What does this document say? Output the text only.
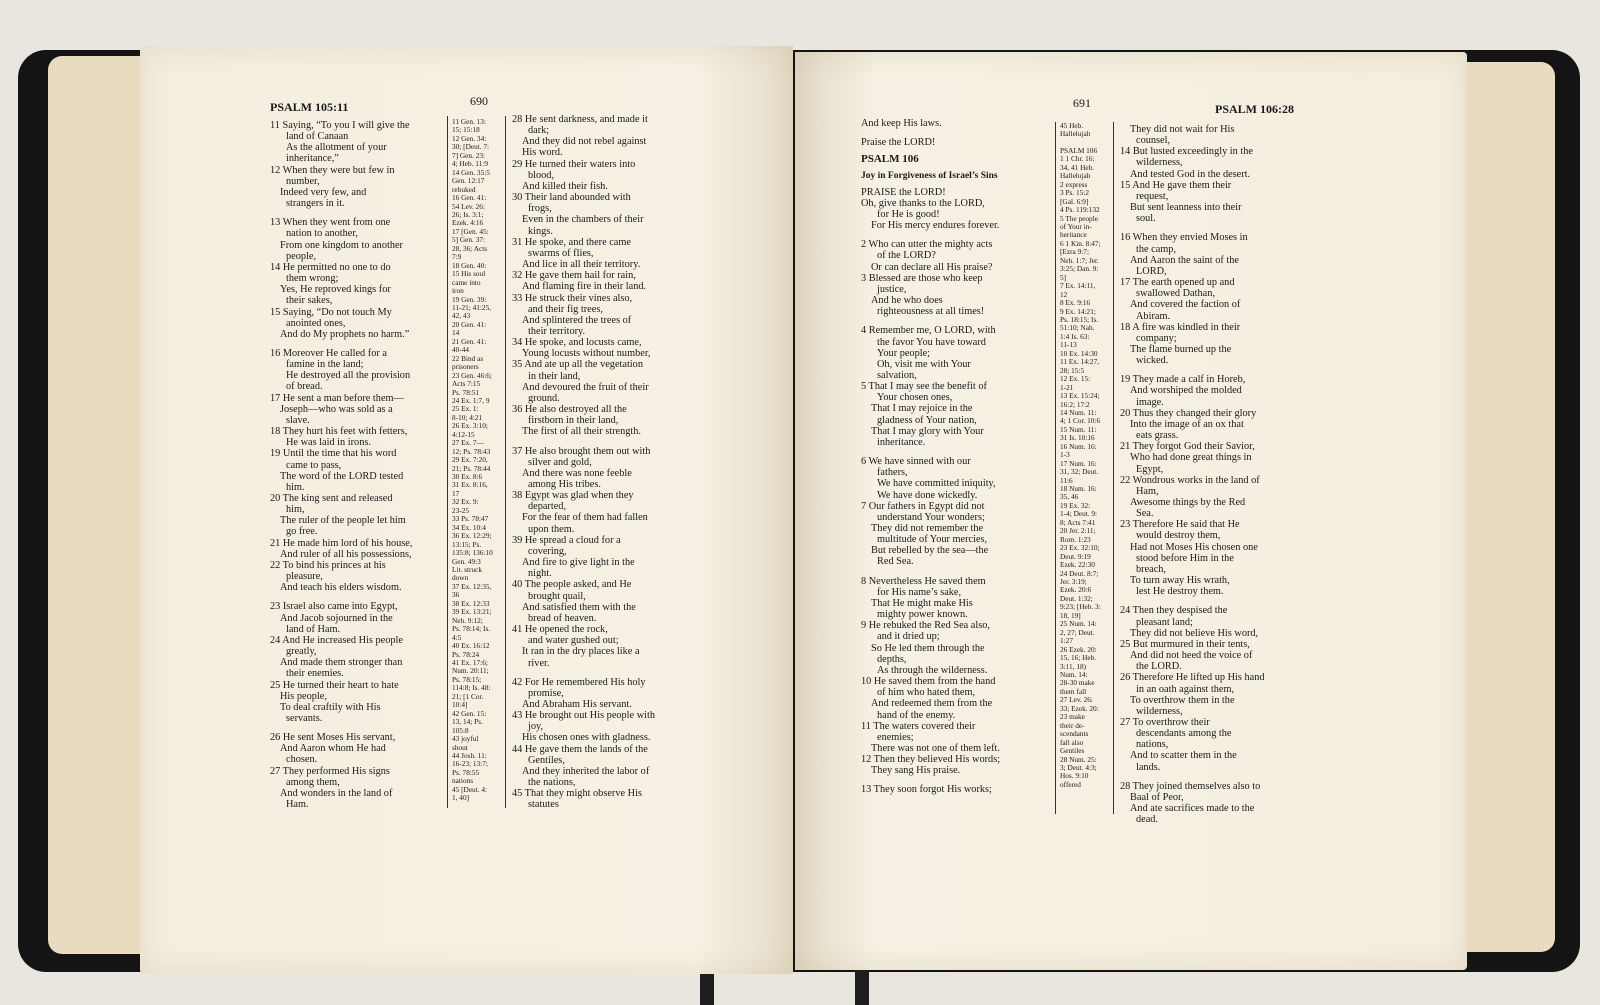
PSALM 105:11	690
11 Saying, “To you I will give the
land of Canaan
As the allotment of your
inheritance,”
12 When they were but few in
number,
Indeed very few, and
strangers in it.
13 When they went from one
nation to another,
From one kingdom to another
people,
14 He permitted no one to do
them wrong;
Yes, He reproved kings for
their sakes,
15 Saying, “Do not touch My
anointed ones,
And do My prophets no harm.”
16 Moreover He called for a
famine in the land;
He destroyed all the provision
of bread.
17 He sent a man before them—
Joseph—who was sold as a
slave.
18 They hurt his feet with fetters,
He was laid in irons.
19 Until the time that his word
came to pass,
The word of the LORD tested
him.
20 The king sent and released
him,
The ruler of the people let him
go free.
21 He made him lord of his house,
And ruler of all his possessions,
22 To bind his princes at his
pleasure,
And teach his elders wisdom.
23 Israel also came into Egypt,
And Jacob sojourned in the
land of Ham.
24 And He increased His people
greatly,
And made them stronger than
their enemies.
25 He turned their heart to hate
His people,
To deal craftily with His
servants.
26 He sent Moses His servant,
And Aaron whom He had
chosen.
27 They performed His signs
among them,
And wonders in the land of
Ham.
11 Gen. 13:
15; 15:18
12 Gen. 34:
30; [Deut. 7:
7] Gen. 23:
4; Heb. 11:9
14 Gen. 35:5
Gen. 12:17
rebuked
16 Gen. 41:
54 Lev. 26:
26; Is. 3:1;
Ezek. 4:16
17 [Gen. 45:
5] Gen. 37:
28, 36; Acts
7:9
18 Gen. 40:
15 His soul
came into
iron
19 Gen. 39:
11-21; 41:25,
42, 43
20 Gen. 41:
14
21 Gen. 41:
40-44
22 Bind as
prisoners
23 Gen. 46:6;
Acts 7:15
Ps. 78:51
24 Ex. 1:7, 9
25 Ex. 1:
8-10; 4:21
26 Ex. 3:10;
4:12-15
27 Ex. 7—
12; Ps. 78:43
29 Ex. 7:20,
21; Ps. 78:44
30 Ex. 8:6
31 Ex. 8:16,
17
32 Ex. 9:
23-25
33 Ps. 78:47
34 Ex. 10:4
36 Ex. 12:29;
13:15; Ps.
135:8; 136:10
Gen. 49:3
Lit. struck
down
37 Ex. 12:35,
36
38 Ex. 12:33
39 Ex. 13:21;
Neh. 9:12;
Ps. 78:14; Is.
4:5
40 Ex. 16:12
Ps. 78:24
41 Ex. 17:6;
Num. 20:11;
Ps. 78:15;
114:8; Is. 48:
21; [1 Cor.
10:4]
42 Gen. 15:
13, 14; Ps.
105:8
43 joyful
shout
44 Josh. 11:
16-23; 13:7;
Ps. 78:55
nations
45 [Deut. 4:
1, 40]
28 He sent darkness, and made it
dark;
And they did not rebel against
His word.
29 He turned their waters into
blood,
And killed their fish.
30 Their land abounded with
frogs,
Even in the chambers of their
kings.
31 He spoke, and there came
swarms of flies,
And lice in all their territory.
32 He gave them hail for rain,
And flaming fire in their land.
33 He struck their vines also,
and their fig trees,
And splintered the trees of
their territory.
34 He spoke, and locusts came,
Young locusts without number,
35 And ate up all the vegetation
in their land,
And devoured the fruit of their
ground.
36 He also destroyed all the
firstborn in their land,
The first of all their strength.
37 He also brought them out with
silver and gold,
And there was none feeble
among His tribes.
38 Egypt was glad when they
departed,
For the fear of them had fallen
upon them.
39 He spread a cloud for a
covering,
And fire to give light in the
night.
40 The people asked, and He
brought quail,
And satisfied them with the
bread of heaven.
41 He opened the rock,
and water gushed out;
It ran in the dry places like a
river.
42 For He remembered His holy
promise,
And Abraham His servant.
43 He brought out His people with
joy,
His chosen ones with gladness.
44 He gave them the lands of the
Gentiles,
And they inherited the labor of
the nations,
45 That they might observe His
statutes
691	PSALM 106:28
And keep His laws.
Praise the LORD!
PSALM 106
Joy in Forgiveness of Israel’s Sins
PRAISE the LORD!
Oh, give thanks to the LORD,
for He is good!
For His mercy endures forever.
2 Who can utter the mighty acts
of the LORD?
Or can declare all His praise?
3 Blessed are those who keep
justice,
And he who does
righteousness at all times!
4 Remember me, O LORD, with
the favor You have toward
Your people;
Oh, visit me with Your
salvation,
5 That I may see the benefit of
Your chosen ones,
That I may rejoice in the
gladness of Your nation,
That I may glory with Your
inheritance.
6 We have sinned with our
fathers,
We have committed iniquity,
We have done wickedly.
7 Our fathers in Egypt did not
understand Your wonders;
They did not remember the
multitude of Your mercies,
But rebelled by the sea—the
Red Sea.
8 Nevertheless He saved them
for His name’s sake,
That He might make His
mighty power known.
9 He rebuked the Red Sea also,
and it dried up;
So He led them through the
depths,
As through the wilderness.
10 He saved them from the hand
of him who hated them,
And redeemed them from the
hand of the enemy.
11 The waters covered their
enemies;
There was not one of them left.
12 Then they believed His words;
They sang His praise.
13 They soon forgot His works;
45 Heb.
Hallelujah
PSALM 106
1 1 Chr. 16:
34, 41 Heb.
Hallelujah
2 express
3 Ps. 15:2
[Gal. 6:9]
4 Ps. 119:132
5 The people
of Your in-
heritance
6 1 Kin. 8:47;
[Ezra 9:7;
Neh. 1:7; Jer.
3:25; Dan. 9:
5]
7 Ex. 14:11,
12
8 Ex. 9:16
9 Ex. 14:21;
Ps. 18:15; Is.
51:10; Nah.
1:4 Is. 63:
11-13
10 Ex. 14:30
11 Ex. 14:27,
28; 15:5
12 Ex. 15:
1-21
13 Ex. 15:24;
16:2; 17:2
14 Num. 11:
4; 1 Cor. 10:6
15 Num. 11:
31 Is. 10:16
16 Num. 16:
1-3
17 Num. 16:
31, 32; Deut.
11:6
18 Num. 16:
35, 46
19 Ex. 32:
1-4; Deut. 9:
8; Acts 7:41
20 Jer. 2:11;
Rom. 1:23
23 Ex. 32:10;
Deut. 9:19
Ezek. 22:30
24 Deut. 8:7;
Jer. 3:19;
Ezek. 20:6
Deut. 1:32;
9:23; [Heb. 3:
18, 19]
25 Num. 14:
2, 27; Deut.
1:27
26 Ezek. 20:
15, 16; Heb.
3:11, 18)
Num. 14:
28-30 make
them fall
27 Lev. 26:
33; Ezek. 20:
23 make
their de-
scendants
fall also
Gentiles
28 Num. 25:
3; Deut. 4:3;
Hos. 9:10
offered
They did not wait for His
counsel,
14 But lusted exceedingly in the
wilderness,
And tested God in the desert.
15 And He gave them their
request,
But sent leanness into their
soul.
16 When they envied Moses in
the camp,
And Aaron the saint of the
LORD,
17 The earth opened up and
swallowed Dathan,
And covered the faction of
Abiram.
18 A fire was kindled in their
company;
The flame burned up the
wicked.
19 They made a calf in Horeb,
And worshiped the molded
image.
20 Thus they changed their glory
Into the image of an ox that
eats grass.
21 They forgot God their Savior,
Who had done great things in
Egypt,
22 Wondrous works in the land of
Ham,
Awesome things by the Red
Sea.
23 Therefore He said that He
would destroy them,
Had not Moses His chosen one
stood before Him in the
breach,
To turn away His wrath,
lest He destroy them.
24 Then they despised the
pleasant land;
They did not believe His word,
25 But murmured in their tents,
And did not heed the voice of
the LORD.
26 Therefore He lifted up His hand
in an oath against them,
To overthrow them in the
wilderness,
27 To overthrow their
descendants among the
nations,
And to scatter them in the
lands.
28 They joined themselves also to
Baal of Peor,
And ate sacrifices made to the
dead.
